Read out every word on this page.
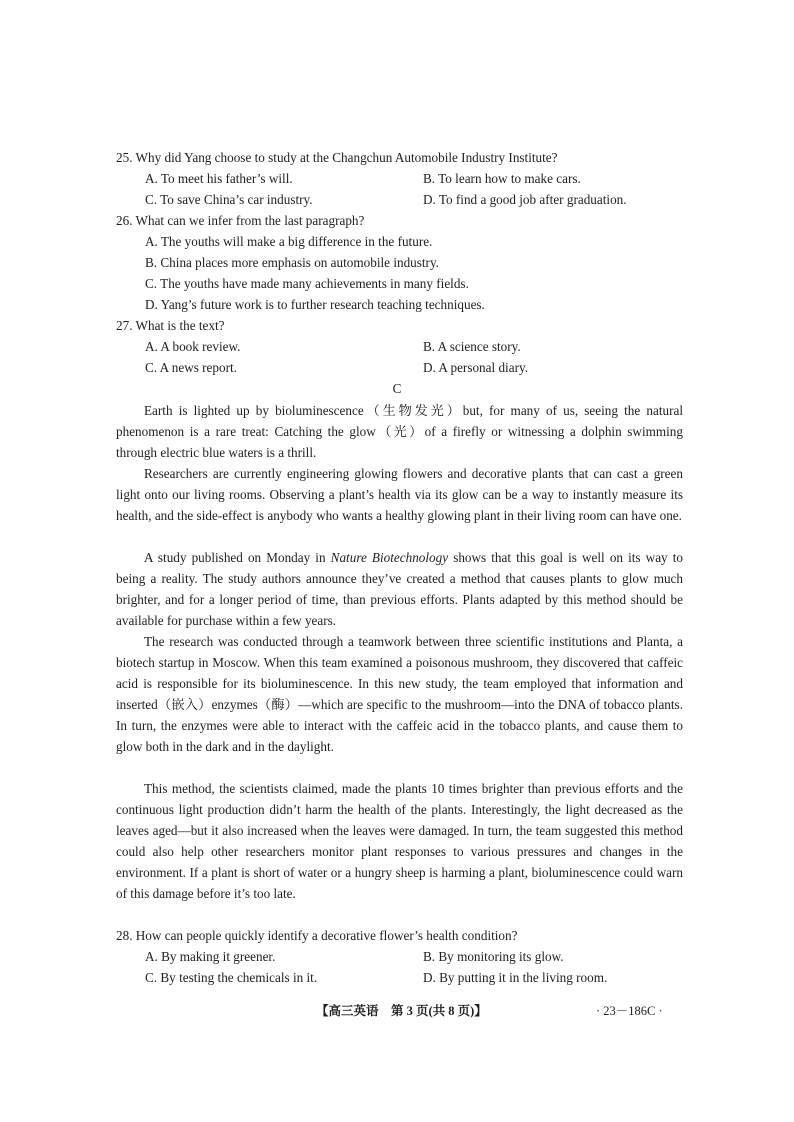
25. Why did Yang choose to study at the Changchun Automobile Industry Institute?
A. To meet his father’s will.	B. To learn how to make cars.
C. To save China’s car industry.	D. To find a good job after graduation.
26. What can we infer from the last paragraph?
A. The youths will make a big difference in the future.
B. China places more emphasis on automobile industry.
C. The youths have made many achievements in many fields.
D. Yang’s future work is to further research teaching techniques.
27. What is the text?
A. A book review.	B. A science story.
C. A news report.	D. A personal diary.
C

Earth is lighted up by bioluminescence（生物发光）but, for many of us, seeing the natural phenomenon is a rare treat: Catching the glow（光）of a firefly or witnessing a dolphin swimming through electric blue waters is a thrill.

Researchers are currently engineering glowing flowers and decorative plants that can cast a green light onto our living rooms. Observing a plant’s health via its glow can be a way to instantly measure its health, and the side-effect is anybody who wants a healthy glowing plant in their living room can have one.

A study published on Monday in Nature Biotechnology shows that this goal is well on its way to being a reality. The study authors announce they’ve created a method that causes plants to glow much brighter, and for a longer period of time, than previous efforts. Plants adapted by this method should be available for purchase within a few years.

The research was conducted through a teamwork between three scientific institutions and Planta, a biotech startup in Moscow. When this team examined a poisonous mushroom, they discovered that caffeic acid is responsible for its bioluminescence. In this new study, the team employed that information and inserted（嵌入）enzymes（酶）—which are specific to the mushroom—into the DNA of tobacco plants. In turn, the enzymes were able to interact with the caffeic acid in the tobacco plants, and cause them to glow both in the dark and in the daylight.

This method, the scientists claimed, made the plants 10 times brighter than previous efforts and the continuous light production didn’t harm the health of the plants. Interestingly, the light decreased as the leaves aged—but it also increased when the leaves were damaged. In turn, the team suggested this method could also help other researchers monitor plant responses to various pressures and changes in the environment. If a plant is short of water or a hungry sheep is harming a plant, bioluminescence could warn of this damage before it’s too late.

28. How can people quickly identify a decorative flower’s health condition?
A. By making it greener.	B. By monitoring its glow.
C. By testing the chemicals in it.	D. By putting it in the living room.
【高三英语　第 3 页(共 8 页)】	· 23－186C ·
